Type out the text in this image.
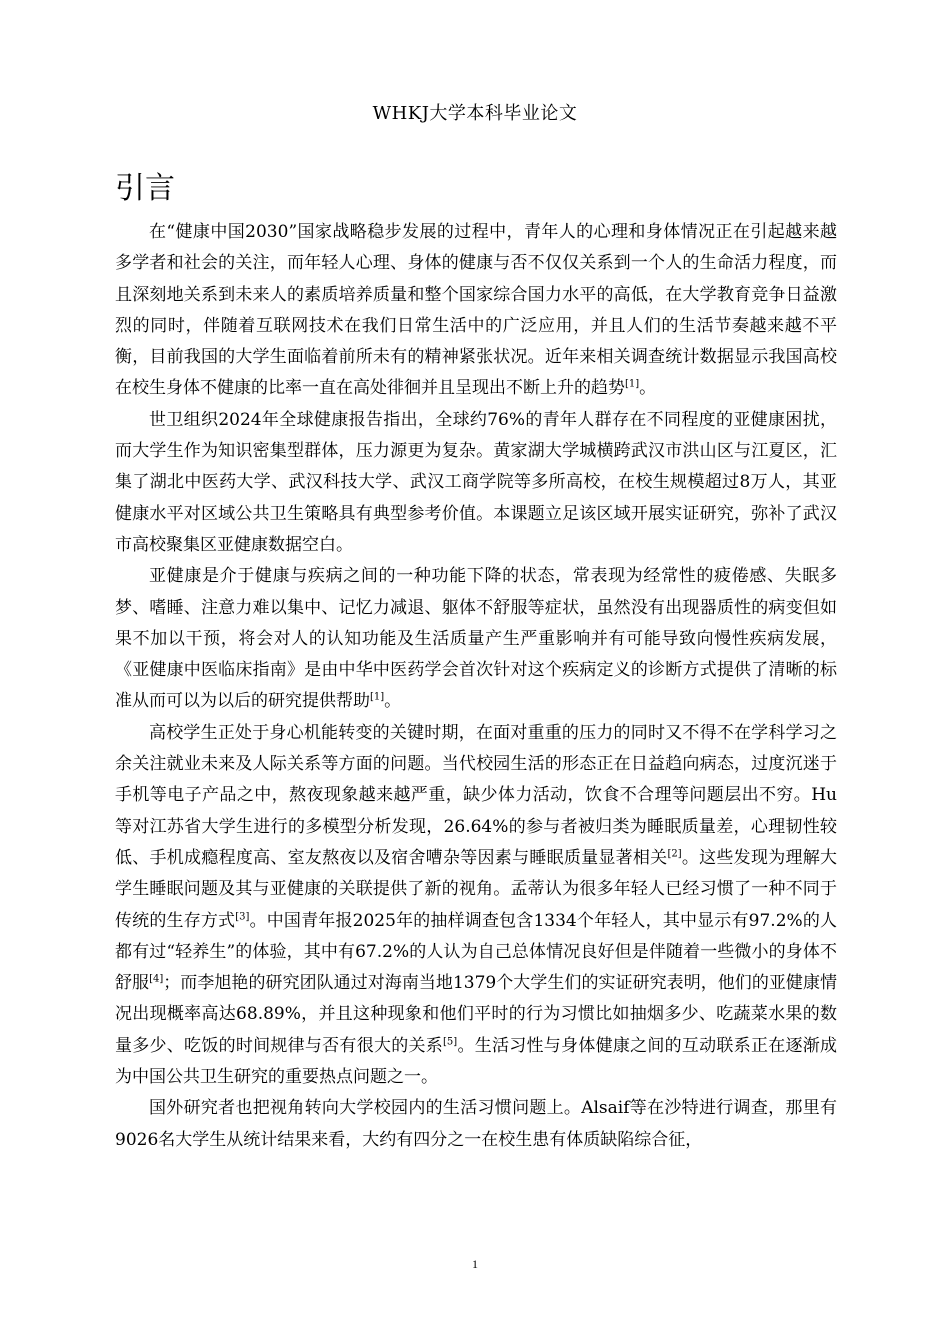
WHKJ大学本科毕业论文
引言

在“健康中国2030”国家战略稳步发展的过程中，青年人的心理和身体情况正在引起越来越多学者和社会的关注，而年轻人心理、身体的健康与否不仅仅关系到一个人的生命活力程度，而且深刻地关系到未来人的素质培养质量和整个国家综合国力水平的高低，在大学教育竞争日益激烈的同时，伴随着互联网技术在我们日常生活中的广泛应用，并且人们的生活节奏越来越不平衡，目前我国的大学生面临着前所未有的精神紧张状况。近年来相关调查统计数据显示我国高校在校生身体不健康的比率一直在高处徘徊并且呈现出不断上升的趋势[1]。

世卫组织2024年全球健康报告指出，全球约76%的青年人群存在不同程度的亚健康困扰，而大学生作为知识密集型群体，压力源更为复杂。黄家湖大学城横跨武汉市洪山区与江夏区，汇集了湖北中医药大学、武汉科技大学、武汉工商学院等多所高校，在校生规模超过8万人，其亚健康水平对区域公共卫生策略具有典型参考价值。本课题立足该区域开展实证研究，弥补了武汉市高校聚集区亚健康数据空白。

亚健康是介于健康与疾病之间的一种功能下降的状态，常表现为经常性的疲倦感、失眠多梦、嗜睡、注意力难以集中、记忆力减退、躯体不舒服等症状，虽然没有出现器质性的病变但如果不加以干预，将会对人的认知功能及生活质量产生严重影响并有可能导致向慢性疾病发展，《亚健康中医临床指南》是由中华中医药学会首次针对这个疾病定义的诊断方式提供了清晰的标准从而可以为以后的研究提供帮助[1]。

高校学生正处于身心机能转变的关键时期，在面对重重的压力的同时又不得不在学科学习之余关注就业未来及人际关系等方面的问题。当代校园生活的形态正在日益趋向病态，过度沉迷于手机等电子产品之中，熬夜现象越来越严重，缺少体力活动，饮食不合理等问题层出不穷。Hu等对江苏省大学生进行的多模型分析发现，26.64%的参与者被归类为睡眠质量差，心理韧性较低、手机成瘾程度高、室友熬夜以及宿舍嘈杂等因素与睡眠质量显著相关[2]。这些发现为理解大学生睡眠问题及其与亚健康的关联提供了新的视角。孟蒂认为很多年轻人已经习惯了一种不同于传统的生存方式[3]。中国青年报2025年的抽样调查包含1334个年轻人，其中显示有97.2%的人都有过“轻养生”的体验，其中有67.2%的人认为自己总体情况良好但是伴随着一些微小的身体不舒服[4]；而李旭艳的研究团队通过对海南当地1379个大学生们的实证研究表明，他们的亚健康情况出现概率高达68.89%，并且这种现象和他们平时的行为习惯比如抽烟多少、吃蔬菜水果的数量多少、吃饭的时间规律与否有很大的关系[5]。生活习性与身体健康之间的互动联系正在逐渐成为中国公共卫生研究的重要热点问题之一。

国外研究者也把视角转向大学校园内的生活习惯问题上。Alsaif等在沙特进行调查，那里有9026名大学生从统计结果来看，大约有四分之一在校生患有体质缺陷综合征，

1
